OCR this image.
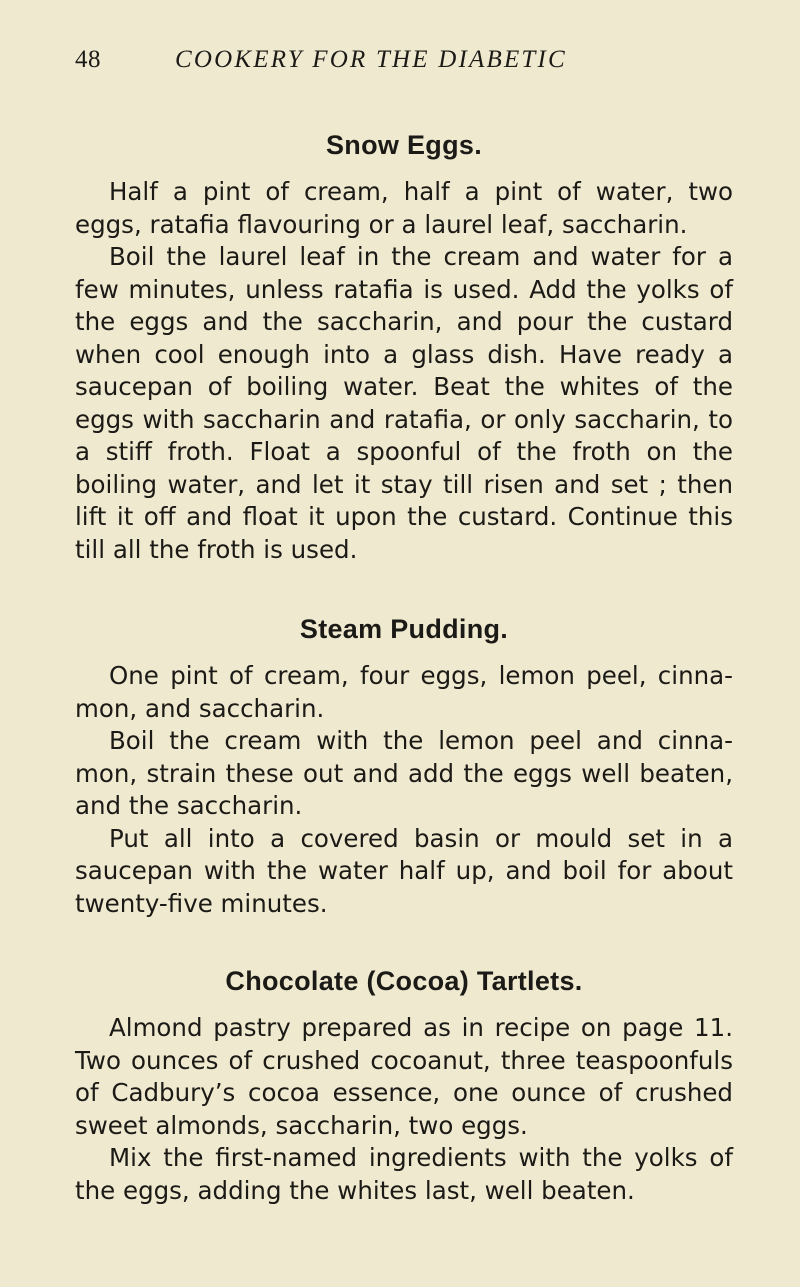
48	COOKERY FOR THE DIABETIC
Snow Eggs.

Half a pint of cream, half a pint of water, two eggs, ratafia flavouring or a laurel leaf, saccharin.

Boil the laurel leaf in the cream and water for a few minutes, unless ratafia is used. Add the yolks of the eggs and the saccharin, and pour the custard when cool enough into a glass dish. Have ready a saucepan of boiling water. Beat the whites of the eggs with saccharin and ratafia, or only saccharin, to a stiff froth. Float a spoonful of the froth on the boiling water, and let it stay till risen and set ; then lift it off and float it upon the custard. Continue this till all the froth is used.

Steam Pudding.

One pint of cream, four eggs, lemon peel, cinna-mon, and saccharin.

Boil the cream with the lemon peel and cinna-mon, strain these out and add the eggs well beaten, and the saccharin.

Put all into a covered basin or mould set in a saucepan with the water half up, and boil for about twenty-five minutes.

Chocolate (Cocoa) Tartlets.

Almond pastry prepared as in recipe on page 11. Two ounces of crushed cocoanut, three teaspoonfuls of Cadbury’s cocoa essence, one ounce of crushed sweet almonds, saccharin, two eggs.

Mix the first-named ingredients with the yolks of the eggs, adding the whites last, well beaten.
